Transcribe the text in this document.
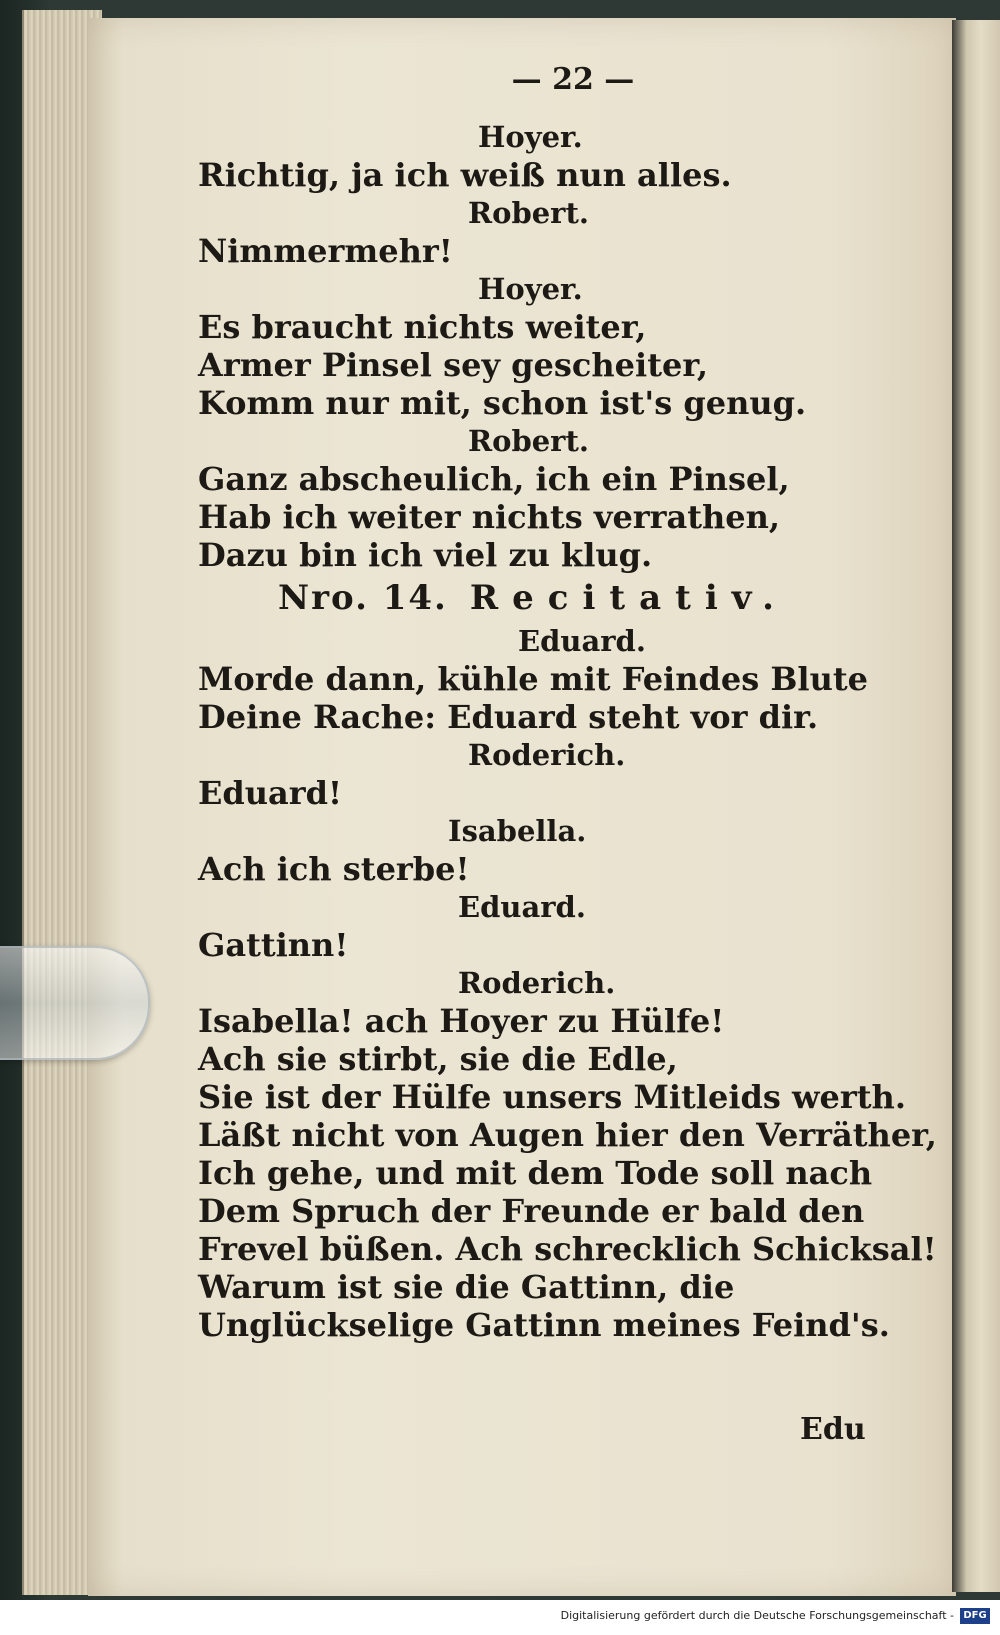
— 22 —
Hoyer.
Richtig, ja ich weiß nun alles.
Robert.
Nimmermehr!
Hoyer.
Es braucht nichts weiter,
Armer Pinsel sey gescheiter,
Komm nur mit, schon ist's genug.
Robert.
Ganz abscheulich, ich ein Pinsel,
Hab ich weiter nichts verrathen,
Dazu bin ich viel zu klug.
Nro. 14. Recitativ.
Eduard.
Morde dann, kühle mit Feindes Blute
Deine Rache: Eduard steht vor dir.
Roderich.
Eduard!
Isabella.
Ach ich sterbe!
Eduard.
Gattinn!
Roderich.
Isabella! ach Hoyer zu Hülfe!
Ach sie stirbt, sie die Edle,
Sie ist der Hülfe unsers Mitleids werth.
Läßt nicht von Augen hier den Verräther,
Ich gehe, und mit dem Tode soll nach
Dem Spruch der Freunde er bald den
Frevel büßen. Ach schrecklich Schicksal!
Warum ist sie die Gattinn, die
Unglückselige Gattinn meines Feind's.
Edu
Digitalisierung gefördert durch die Deutsche Forschungsgemeinschaft - DFG
